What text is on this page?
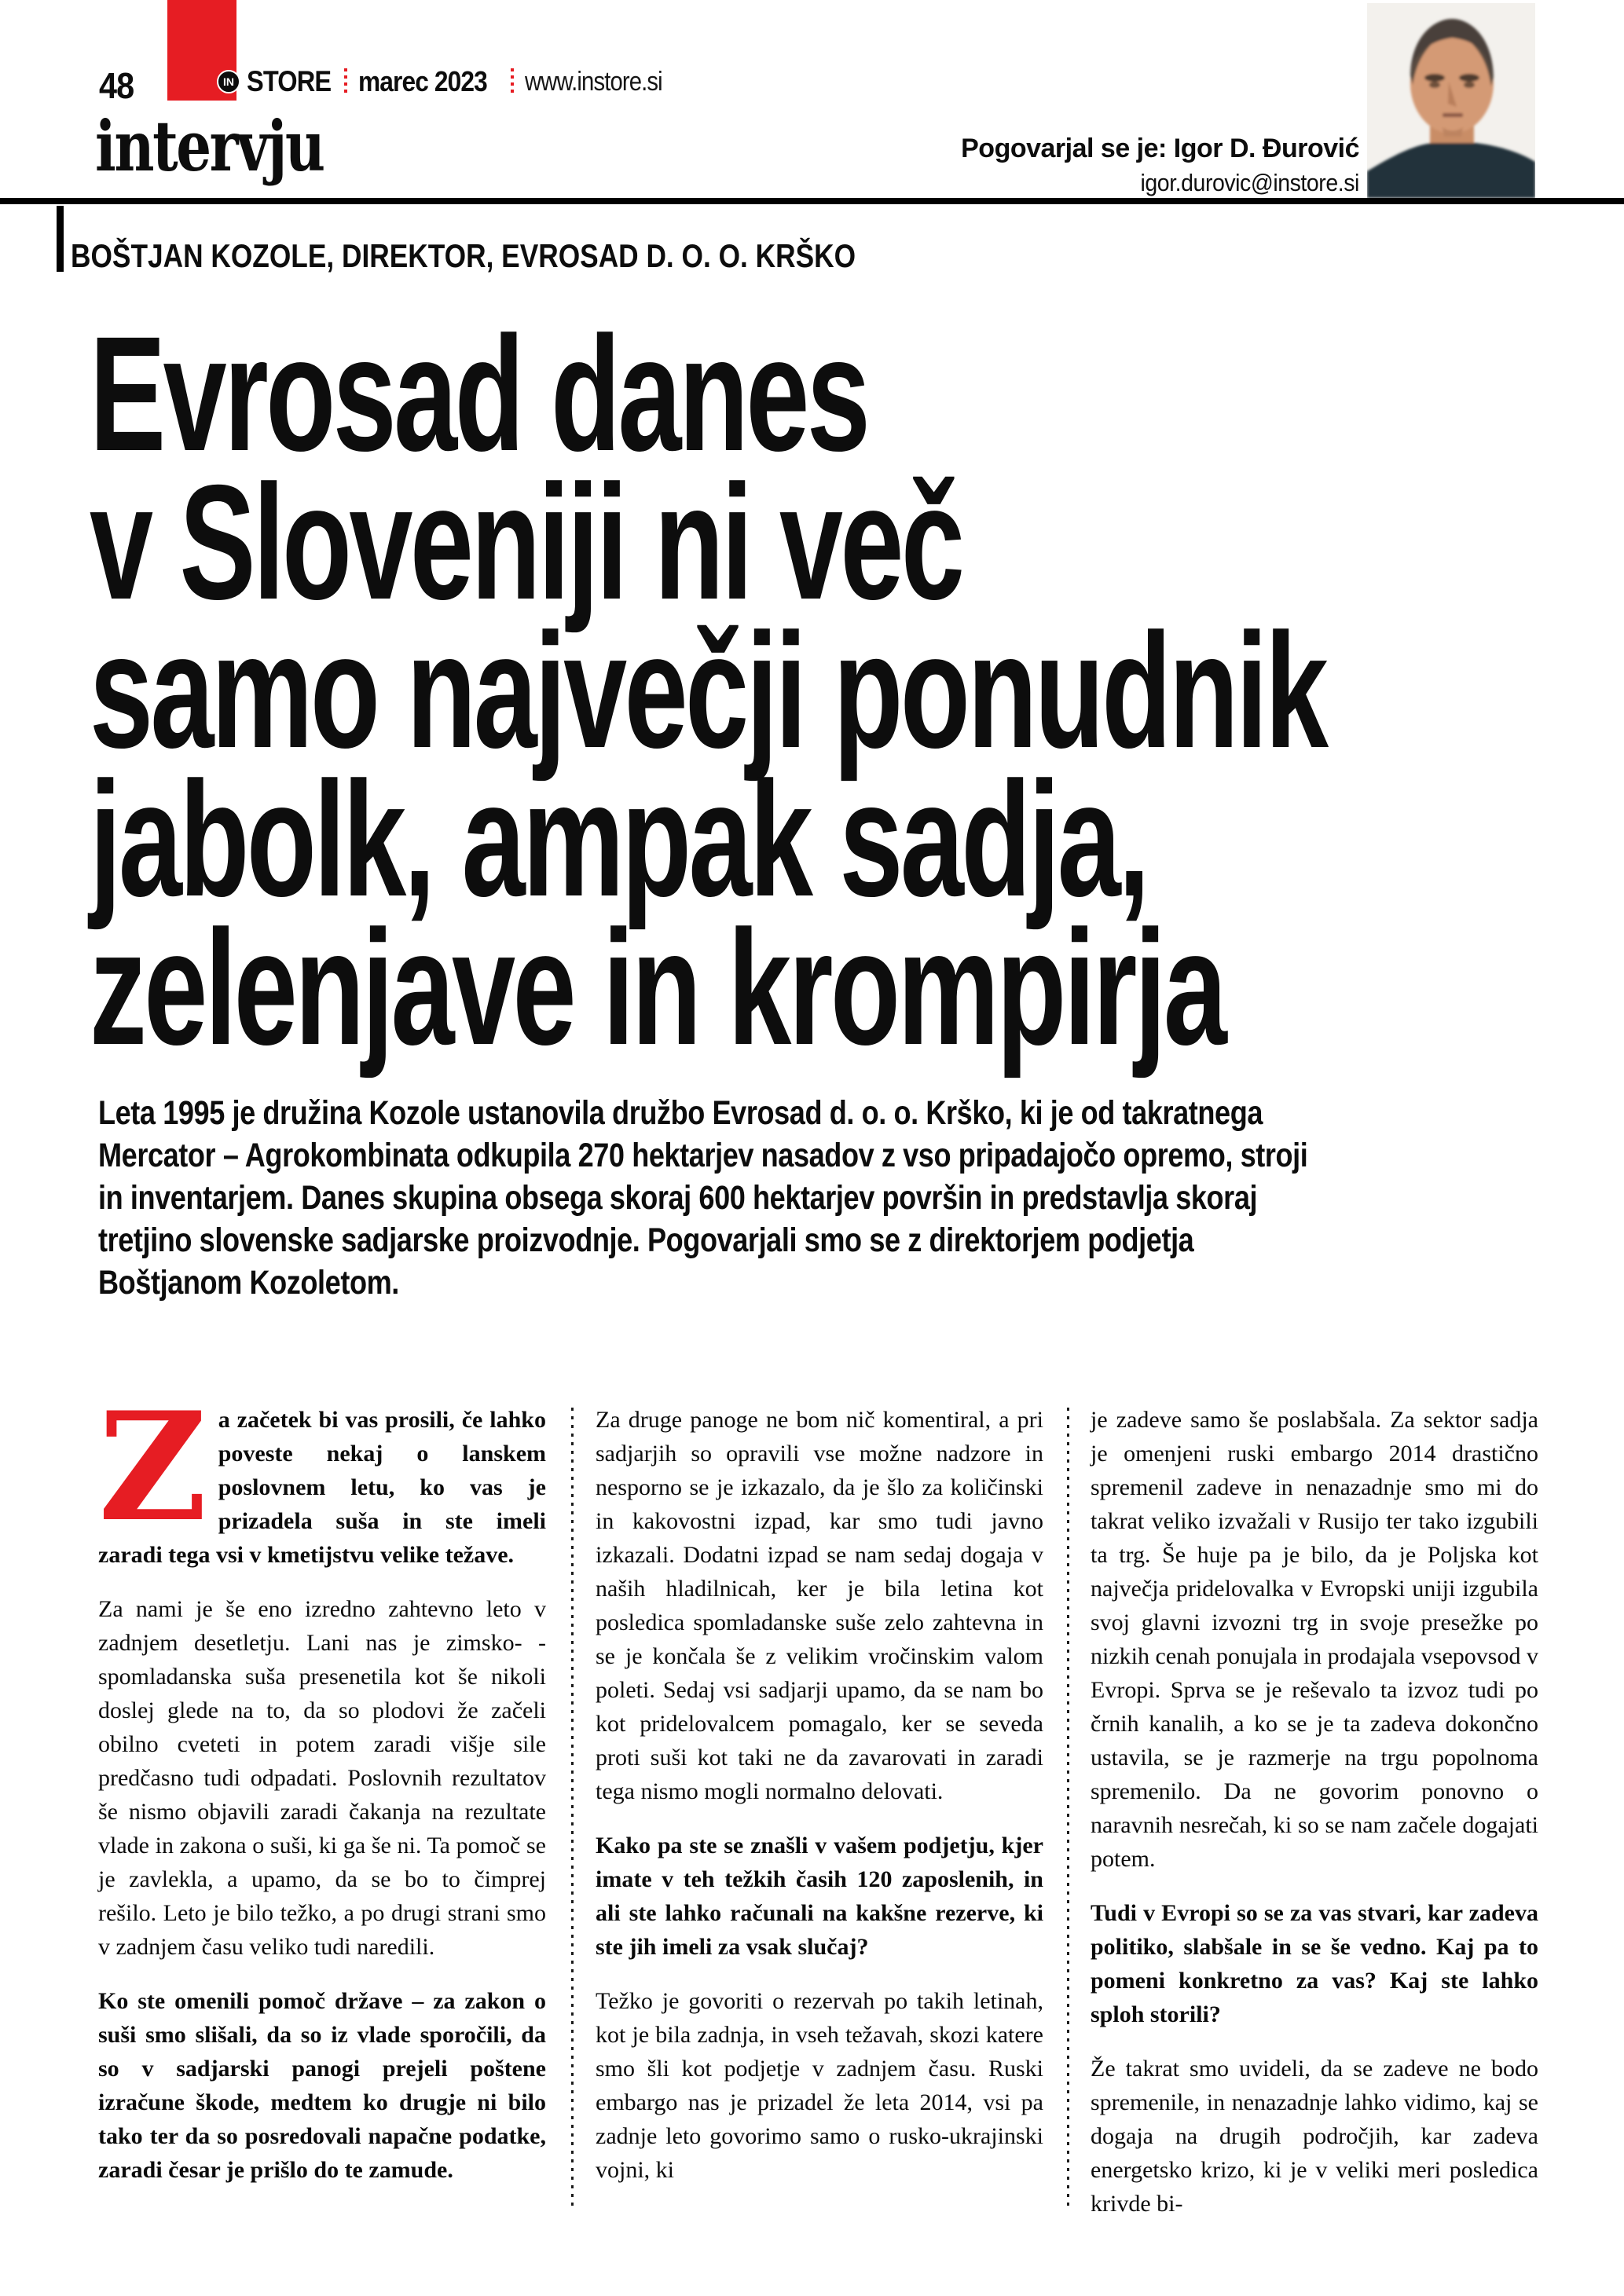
48	IN STORE marec 2023 www.instore.si
intervju	Pogovarjal se je: Igor D. Đurović
igor.durovic@instore.si
BOŠTJAN KOZOLE, DIREKTOR, EVROSAD D. O. O. KRŠKO
Evrosad danes
v Sloveniji ni več
samo največji ponudnik
jabolk, ampak sadja,
zelenjave in krompirja

Leta 1995 je družina Kozole ustanovila družbo Evrosad d. o. o. Krško, ki je od takratnega
Mercator – Agrokombinata odkupila 270 hektarjev nasadov z vso pripadajočo opremo, stroji
in inventarjem. Danes skupina obsega skoraj 600 hektarjev površin in predstavlja skoraj
tretjino slovenske sadjarske proizvodnje. Pogovarjali smo se z direktorjem podjetja
Boštjanom Kozoletom.

Za začetek bi vas prosili, če lahko poveste nekaj o lanskem poslovnem letu, ko vas je prizadela suša in ste imeli zaradi tega vsi v kmetijstvu velike težave.

Za nami je še eno izredno zahtevno leto v zadnjem desetletju. Lani nas je zimsko- -spomladanska suša presenetila kot še nikoli doslej glede na to, da so plodovi že začeli obilno cveteti in potem zaradi višje sile predčasno tudi odpadati. Poslovnih rezultatov še nismo objavili zaradi čakanja na rezultate vlade in zakona o suši, ki ga še ni. Ta pomoč se je zavlekla, a upamo, da se bo to čimprej rešilo. Leto je bilo težko, a po drugi strani smo v zadnjem času veliko tudi naredili.

Ko ste omenili pomoč države – za zakon o suši smo slišali, da so iz vlade sporočili, da so v sadjarski panogi prejeli poštene izračune škode, medtem ko drugje ni bilo tako ter da so posredovali napačne podatke, zaradi česar je prišlo do te zamude.

Za druge panoge ne bom nič komentiral, a pri sadjarjih so opravili vse možne nadzore in nesporno se je izkazalo, da je šlo za količinski in kakovostni izpad, kar smo tudi javno izkazali. Dodatni izpad se nam sedaj dogaja v naših hladilnicah, ker je bila letina kot posledica spomladanske suše zelo zahtevna in se je končala še z velikim vročinskim valom poleti. Sedaj vsi sadjarji upamo, da se nam bo kot pridelovalcem pomagalo, ker se seveda proti suši kot taki ne da zavarovati in zaradi tega nismo mogli normalno delovati.

Kako pa ste se znašli v vašem podjetju, kjer imate v teh težkih časih 120 zaposlenih, in ali ste lahko računali na kakšne rezerve, ki ste jih imeli za vsak slučaj?

Težko je govoriti o rezervah po takih letinah, kot je bila zadnja, in vseh težavah, skozi katere smo šli kot podjetje v zadnjem času. Ruski embargo nas je prizadel že leta 2014, vsi pa zadnje leto govorimo samo o rusko-ukrajinski vojni, ki

je zadeve samo še poslabšala. Za sektor sadja je omenjeni ruski embargo 2014 drastično spremenil zadeve in nenazadnje smo mi do takrat veliko izvažali v Rusijo ter tako izgubili ta trg. Še huje pa je bilo, da je Poljska kot največja pridelovalka v Evropski uniji izgubila svoj glavni izvozni trg in svoje presežke po nizkih cenah ponujala in prodajala vsepovsod v Evropi. Sprva se je reševalo ta izvoz tudi po črnih kanalih, a ko se je ta zadeva dokončno ustavila, se je razmerje na trgu popolnoma spremenilo. Da ne govorim ponovno o naravnih nesrečah, ki so se nam začele dogajati potem.

Tudi v Evropi so se za vas stvari, kar zadeva politiko, slabšale in se še vedno. Kaj pa to pomeni konkretno za vas? Kaj ste lahko sploh storili?

Že takrat smo uvideli, da se zadeve ne bodo spremenile, in nenazadnje lahko vidimo, kaj se dogaja na drugih področjih, kar zadeva energetsko krizo, ki je v veliki meri posledica krivde bi-
